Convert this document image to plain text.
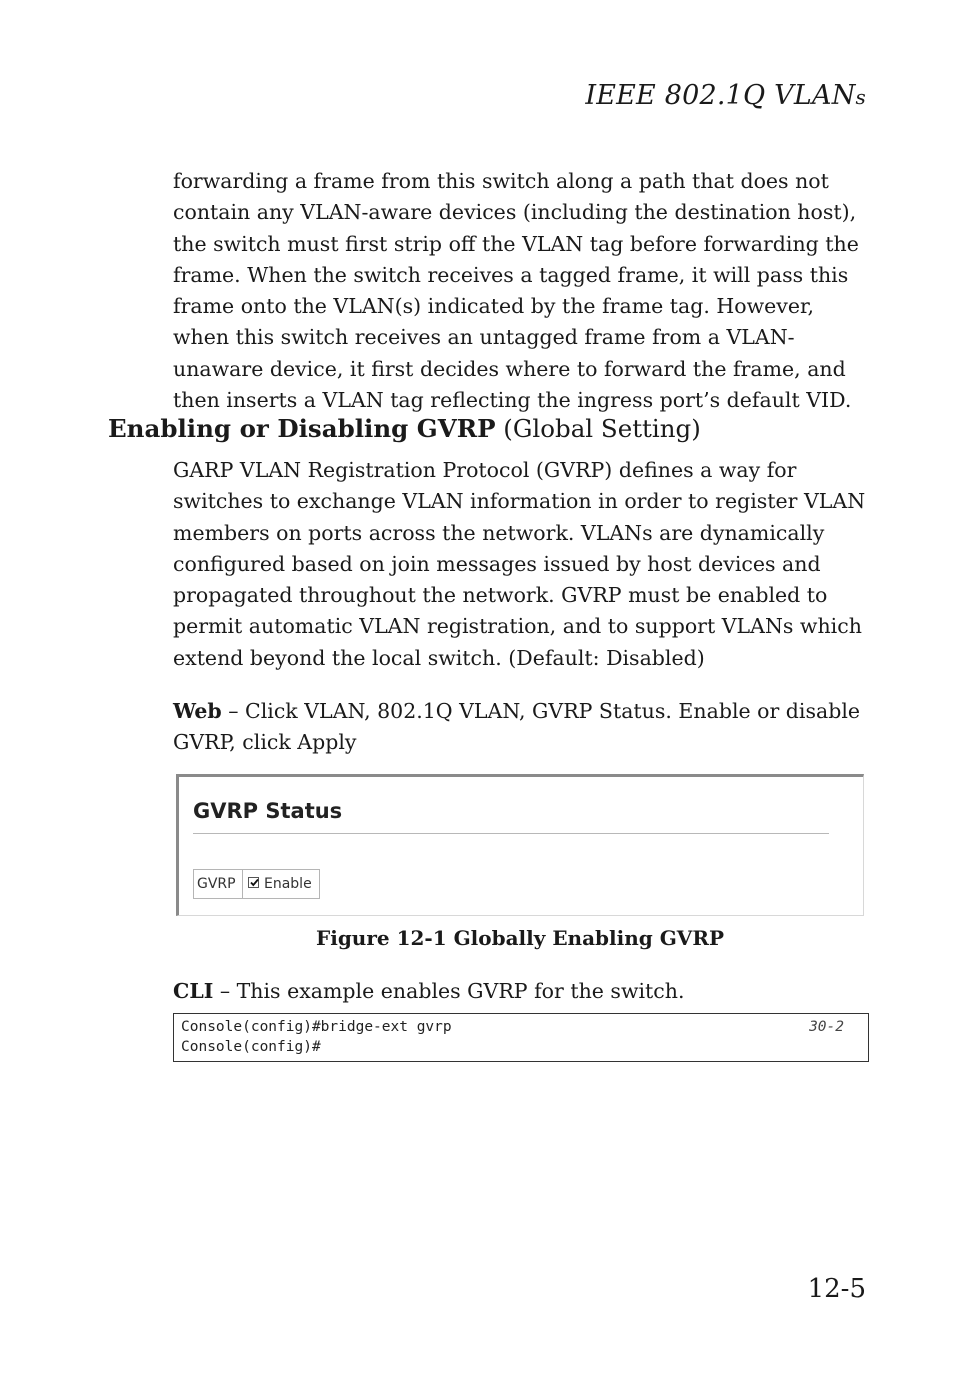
IEEE 802.1Q VLANs
forwarding a frame from this switch along a path that does not contain any VLAN-aware devices (including the destination host), the switch must first strip off the VLAN tag before forwarding the frame. When the switch receives a tagged frame, it will pass this frame onto the VLAN(s) indicated by the frame tag. However, when this switch receives an untagged frame from a VLAN-unaware device, it first decides where to forward the frame, and then inserts a VLAN tag reflecting the ingress port’s default VID.
Enabling or Disabling GVRP (Global Setting)
GARP VLAN Registration Protocol (GVRP) defines a way for switches to exchange VLAN information in order to register VLAN members on ports across the network. VLANs are dynamically configured based on join messages issued by host devices and propagated throughout the network. GVRP must be enabled to permit automatic VLAN registration, and to support VLANs which extend beyond the local switch. (Default: Disabled)
Web – Click VLAN, 802.1Q VLAN, GVRP Status. Enable or disable GVRP, click Apply
GVRP Status
GVRP	Enable
Figure 12-1 Globally Enabling GVRP
CLI – This example enables GVRP for the switch.
Console(config)#bridge-ext gvrp	30-2
Console(config)#
12-5
